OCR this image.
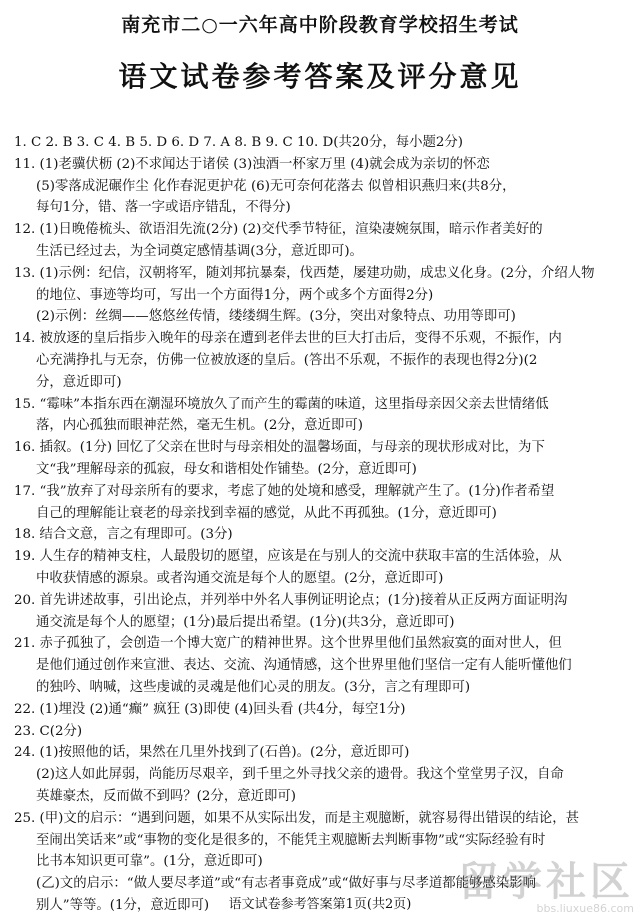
南充市二○一六年高中阶段教育学校招生考试
语文试卷参考答案及评分意见
1. C 2. B 3. C 4. B 5. D 6. D 7. A 8. B 9. C 10. D(共20分，每小题2分)
11. (1)老骥伏枥 (2)不求闻达于诸侯 (3)浊酒一杯家万里 (4)就会成为亲切的怀恋
(5)零落成泥碾作尘 化作春泥更护花 (6)无可奈何花落去 似曾相识燕归来(共8分，
每句1分，错、落一字或语序错乱，不得分)
12. (1)日晚倦梳头、欲语泪先流(2分) (2)交代季节特征，渲染凄婉氛围，暗示作者美好的
生活已经过去，为全词奠定感情基调(3分，意近即可)。
13. (1)示例：纪信，汉朝将军，随刘邦抗暴秦，伐西楚，屡建功勋，成忠义化身。(2分，介绍人物
的地位、事迹等均可，写出一个方面得1分，两个或多个方面得2分)
(2)示例：丝绸——悠悠丝传情，缕缕绸生辉。(3分，突出对象特点、功用等即可)
14. 被放逐的皇后指步入晚年的母亲在遭到老伴去世的巨大打击后，变得不乐观，不振作，内
心充满挣扎与无奈，仿佛一位被放逐的皇后。(答出不乐观，不振作的表现也得2分)(2
分，意近即可)
15. “霉味”本指东西在潮湿环境放久了而产生的霉菌的味道，这里指母亲因父亲去世情绪低
落，内心孤独而眼神茫然，毫无生机。(2分，意近即可)
16. 插叙。(1分) 回忆了父亲在世时与母亲相处的温馨场面，与母亲的现状形成对比，为下
文“我”理解母亲的孤寂，母女和谐相处作铺垫。(2分，意近即可)
17. “我”放弃了对母亲所有的要求，考虑了她的处境和感受，理解就产生了。(1分)作者希望
自己的理解能让衰老的母亲找到幸福的感觉，从此不再孤独。(1分，意近即可)
18. 结合文意，言之有理即可。(3分)
19. 人生存的精神支柱，人最殷切的愿望，应该是在与别人的交流中获取丰富的生活体验，从
中收获情感的源泉。或者沟通交流是每个人的愿望。(2分，意近即可)
20. 首先讲述故事，引出论点，并列举中外名人事例证明论点；(1分)接着从正反两方面证明沟
通交流是每个人的愿望；(1分)最后提出希望。(1分)(共3分，意近即可)
21. 赤子孤独了，会创造一个博大宽广的精神世界。这个世界里他们虽然寂寞的面对世人，但
是他们通过创作来宣泄、表达、交流、沟通情感，这个世界里他们坚信一定有人能听懂他们
的独吟、呐喊，这些虔诚的灵魂是他们心灵的朋友。(3分，言之有理即可)
22. (1)埋没 (2)通“癫” 疯狂 (3)即使 (4)回头看 (共4分，每空1分)
23. C(2分)
24. (1)按照他的话，果然在几里外找到了(石兽)。(2分，意近即可)
(2)这人如此屏弱，尚能历尽艰辛，到千里之外寻找父亲的遗骨。我这个堂堂男子汉，自命
英雄豪杰，反而做不到吗？(2分，意近即可)
25. (甲)文的启示：“遇到问题，如果不从实际出发，而是主观臆断，就容易得出错误的结论，甚
至闹出笑话来”或“事物的变化是很多的，不能凭主观臆断去判断事物”或“实际经验有时
比书本知识更可靠”。(1分，意近即可)
(乙)文的启示：“做人要尽孝道”或“有志者事竟成”或“做好事与尽孝道都能够感染影响
别人”等等。(1分，意近即可)	语文试卷参考答案第1页(共2页)	留学社区
bbs.liuxue86.com
